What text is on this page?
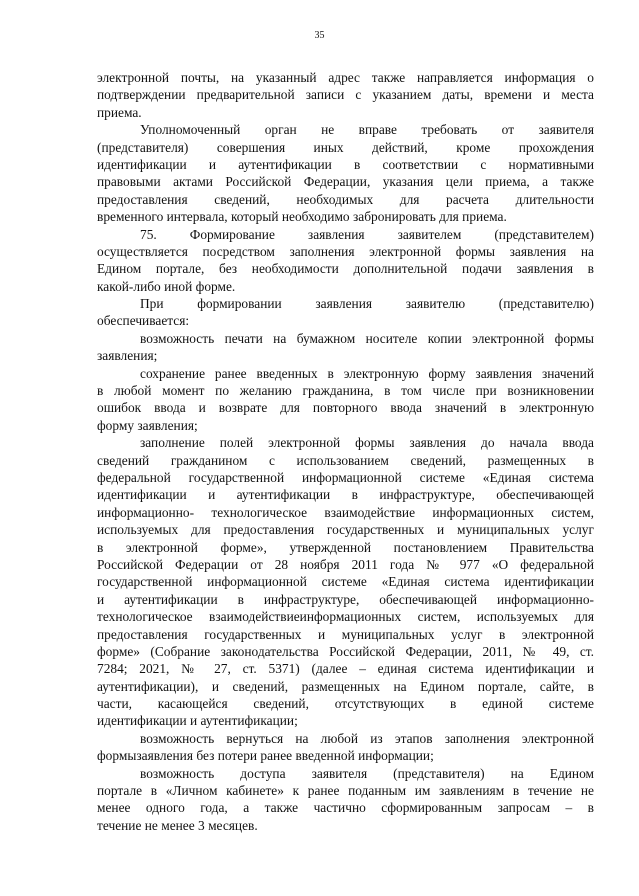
35
электронной почты, на указанный адрес также направляется информация о
подтверждении предварительной записи с указанием даты, времени и места
приема.
Уполномоченный орган не вправе требовать от заявителя
(представителя) совершения иных действий, кроме прохождения
идентификации и аутентификации в соответствии с нормативными
правовыми актами Российской Федерации, указания цели приема, а также
предоставления сведений, необходимых для расчета длительности
временного интервала, который необходимо забронировать для приема.
75. Формирование заявления заявителем (представителем)
осуществляется посредством заполнения электронной формы заявления на
Едином портале, без необходимости дополнительной подачи заявления в
какой-либо иной форме.
При формировании заявления заявителю (представителю)
обеспечивается:
возможность печати на бумажном носителе копии электронной формы
заявления;
сохранение ранее введенных в электронную форму заявления значений
в любой момент по желанию гражданина, в том числе при возникновении
ошибок ввода и возврате для повторного ввода значений в электронную
форму заявления;
заполнение полей электронной формы заявления до начала ввода
сведений гражданином с использованием сведений, размещенных в
федеральной государственной информационной системе «Единая система
идентификации и аутентификации в инфраструктуре, обеспечивающей
информационно- технологическое взаимодействие информационных систем,
используемых для предоставления государственных и муниципальных услуг
в электронной форме», утвержденной постановлением Правительства
Российской Федерации от 28 ноября 2011 года № 977 «О федеральной
государственной информационной системе «Единая система идентификации
и аутентификации в инфраструктуре, обеспечивающей информационно-
технологическое взаимодействиеинформационных систем, используемых для
предоставления государственных и муниципальных услуг в электронной
форме» (Собрание законодательства Российской Федерации, 2011, № 49, ст.
7284; 2021, № 27, ст. 5371) (далее – единая система идентификации и
аутентификации), и сведений, размещенных на Едином портале, сайте, в
части, касающейся сведений, отсутствующих в единой системе
идентификации и аутентификации;
возможность вернуться на любой из этапов заполнения электронной
формызаявления без потери ранее введенной информации;
возможность доступа заявителя (представителя) на Едином
портале в «Личном кабинете» к ранее поданным им заявлениям в течение не
менее одного года, а также частично сформированным запросам – в
течение не менее 3 месяцев.
